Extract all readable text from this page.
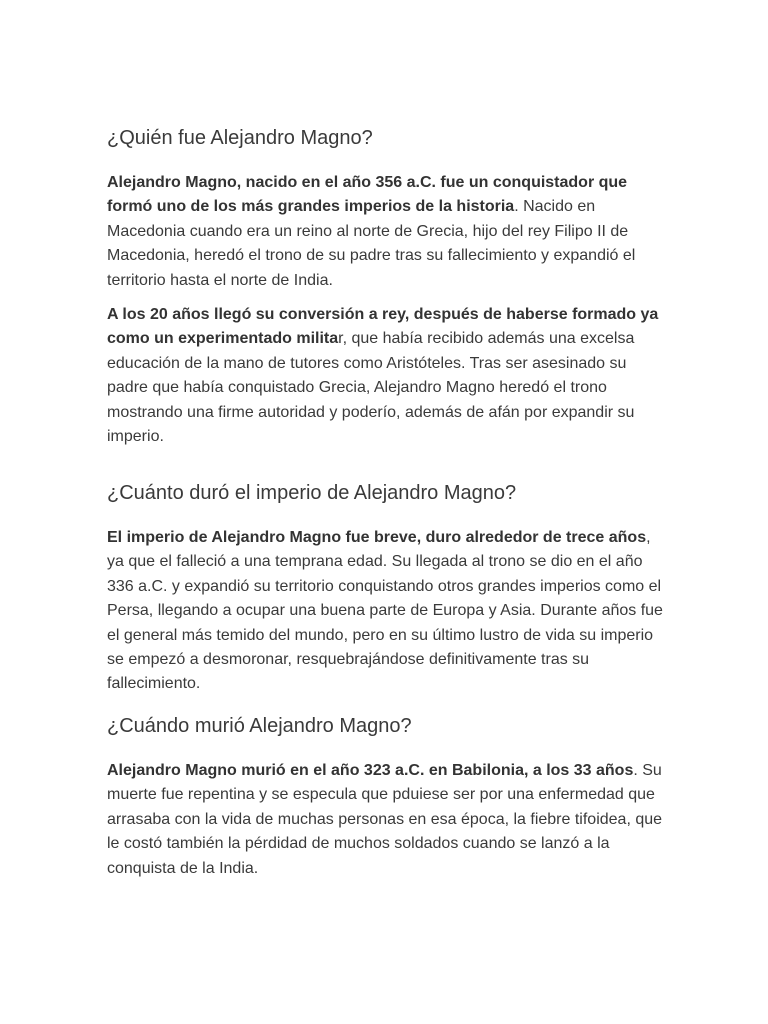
¿Quién fue Alejandro Magno?

Alejandro Magno, nacido en el año 356 a.C. fue un conquistador que formó uno de los más grandes imperios de la historia. Nacido en Macedonia cuando era un reino al norte de Grecia, hijo del rey Filipo II de Macedonia, heredó el trono de su padre tras su fallecimiento y expandió el territorio hasta el norte de India.

A los 20 años llegó su conversión a rey, después de haberse formado ya como un experimentado militar, que había recibido además una excelsa educación de la mano de tutores como Aristóteles. Tras ser asesinado su padre que había conquistado Grecia, Alejandro Magno heredó el trono mostrando una firme autoridad y poderío, además de afán por expandir su imperio.

¿Cuánto duró el imperio de Alejandro Magno?

El imperio de Alejandro Magno fue breve, duro alrededor de trece años, ya que el falleció a una temprana edad. Su llegada al trono se dio en el año 336 a.C. y expandió su territorio conquistando otros grandes imperios como el Persa, llegando a ocupar una buena parte de Europa y Asia. Durante años fue el general más temido del mundo, pero en su último lustro de vida su imperio se empezó a desmoronar, resquebrajándose definitivamente tras su fallecimiento.

¿Cuándo murió Alejandro Magno?

Alejandro Magno murió en el año 323 a.C. en Babilonia, a los 33 años. Su muerte fue repentina y se especula que pduiese ser por una enfermedad que arrasaba con la vida de muchas personas en esa época, la fiebre tifoidea, que le costó también la pérdidad de muchos soldados cuando se lanzó a la conquista de la India.
